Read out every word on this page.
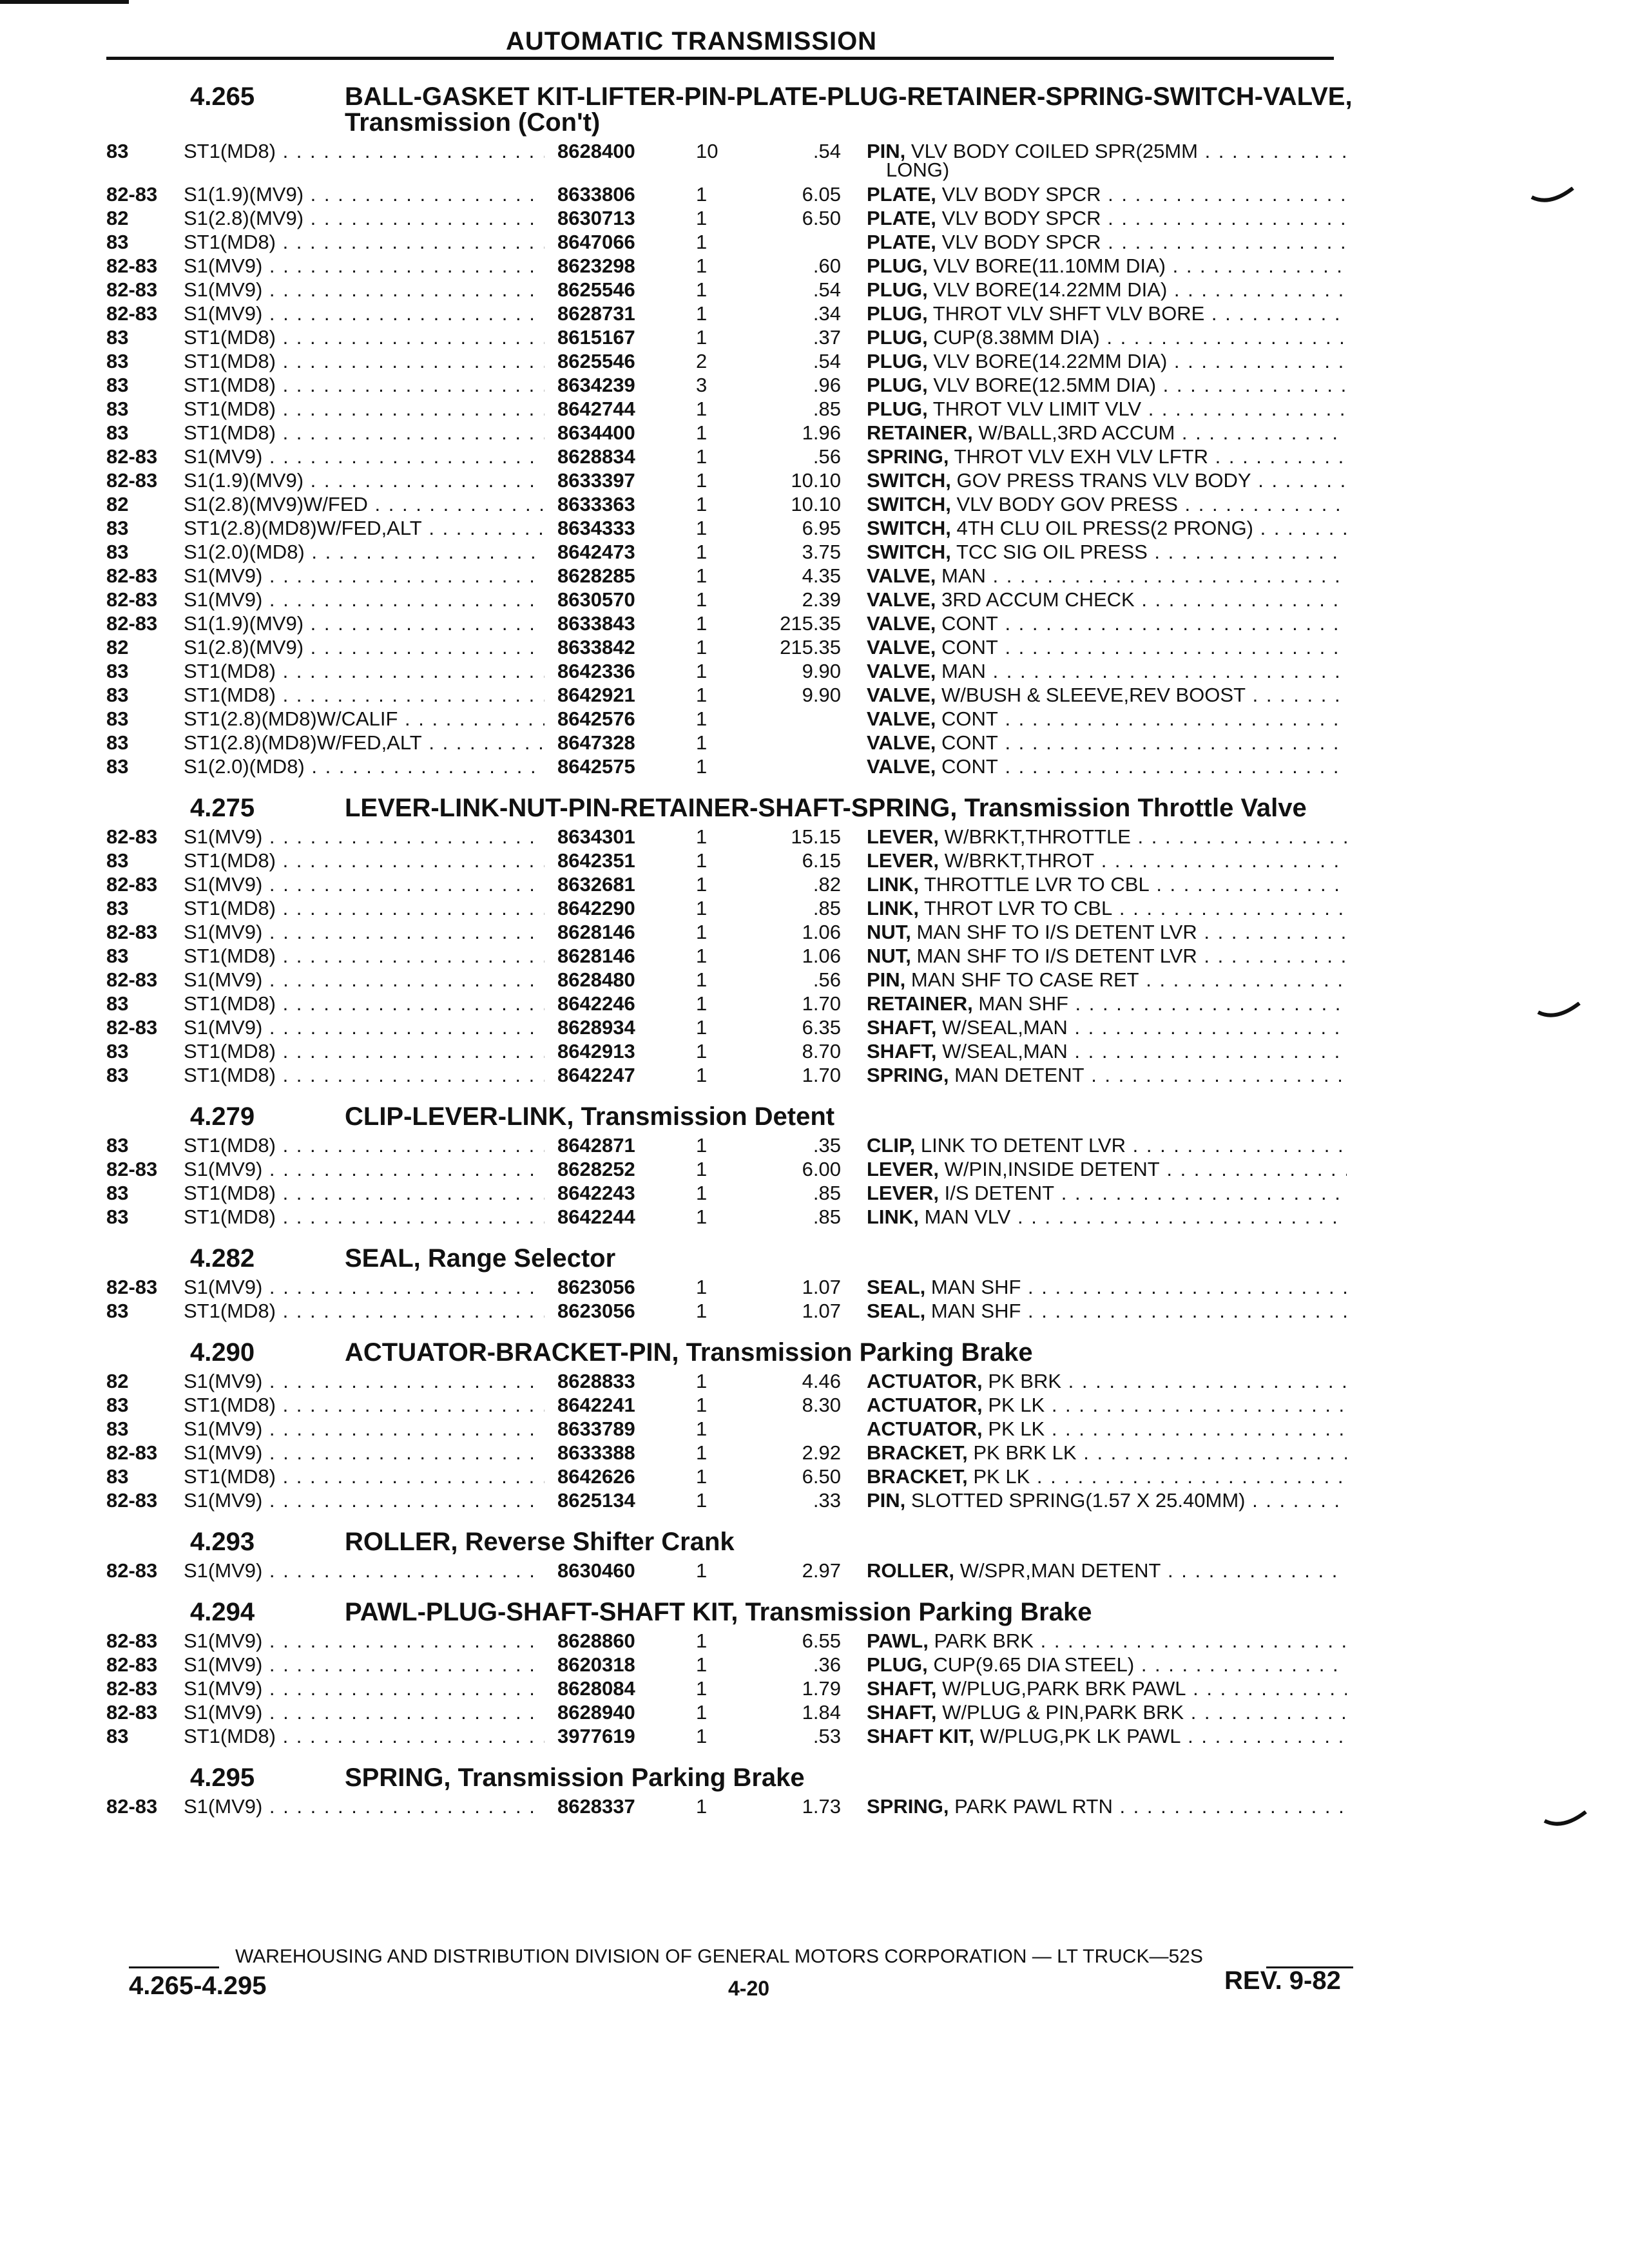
AUTOMATIC TRANSMISSION
4.265	BALL-GASKET KIT-LIFTER-PIN-PLATE-PLUG-RETAINER-SPRING-SWITCH-VALVE, Transmission (Con't)
83	ST1(MD8) . . .	8628400	10	.54 PIN, VLV BODY COILED SPR(25MM . . .
LONG)
82-83 S1(1.9)(MV9) . . .	8633806	1	6.05 PLATE, VLV BODY SPCR . . .
82	S1(2.8)(MV9) . . .	8630713	1	6.50 PLATE, VLV BODY SPCR . . .
83	ST1(MD8) . . .	8647066	1	PLATE, VLV BODY SPCR . . .
82-83 S1(MV9) . . .	8623298	1	.60 PLUG, VLV BORE(11.10MM DIA) . . .
82-83 S1(MV9) . . .	8625546	1	.54 PLUG, VLV BORE(14.22MM DIA) . . .
82-83 S1(MV9) . . .	8628731	1	.34 PLUG, THROT VLV SHFT VLV BORE . . .
83	ST1(MD8) . . .	8615167	1	.37 PLUG, CUP(8.38MM DIA) . . .
83	ST1(MD8) . . .	8625546	2	.54 PLUG, VLV BORE(14.22MM DIA) . . .
83	ST1(MD8) . . .	8634239	3	.96 PLUG, VLV BORE(12.5MM DIA) . . .
83	ST1(MD8) . . .	8642744	1	.85 PLUG, THROT VLV LIMIT VLV . . .
83	ST1(MD8) . . .	8634400	1	1.96 RETAINER, W/BALL,3RD ACCUM . . .
82-83 S1(MV9) . . .	8628834	1	.56 SPRING, THROT VLV EXH VLV LFTR . . .
82-83 S1(1.9)(MV9) . . .	8633397	1	10.10 SWITCH, GOV PRESS TRANS VLV BODY . . .
82	S1(2.8)(MV9)W/FED . . .	8633363	1	10.10 SWITCH, VLV BODY GOV PRESS . . .
83	ST1(2.8)(MD8)W/FED,ALT . . .	8634333	1	6.95 SWITCH, 4TH CLU OIL PRESS(2 PRONG) . . .
83	S1(2.0)(MD8) . . .	8642473	1	3.75 SWITCH, TCC SIG OIL PRESS . . .
82-83 S1(MV9) . . .	8628285	1	4.35 VALVE, MAN . . .
82-83 S1(MV9) . . .	8630570	1	2.39 VALVE, 3RD ACCUM CHECK . . .
82-83 S1(1.9)(MV9) . . .	8633843	1	215.35 VALVE, CONT . . .
82	S1(2.8)(MV9) . . .	8633842	1	215.35 VALVE, CONT . . .
83	ST1(MD8) . . .	8642336	1	9.90 VALVE, MAN . . .
83	ST1(MD8) . . .	8642921	1	9.90 VALVE, W/BUSH & SLEEVE,REV BOOST . . .
83	ST1(2.8)(MD8)W/CALIF . . .	8642576	1	VALVE, CONT . . .
83	ST1(2.8)(MD8)W/FED,ALT . . .	8647328	1	VALVE, CONT . . .
83	S1(2.0)(MD8) . . .	8642575	1	VALVE, CONT . . .
4.275	LEVER-LINK-NUT-PIN-RETAINER-SHAFT-SPRING, Transmission Throttle Valve
82-83 S1(MV9) . . .	8634301	1	15.15 LEVER, W/BRKT,THROTTLE . . .
83	ST1(MD8) . . .	8642351	1	6.15 LEVER, W/BRKT,THROT . . .
82-83 S1(MV9) . . .	8632681	1	.82 LINK, THROTTLE LVR TO CBL . . .
83	ST1(MD8) . . .	8642290	1	.85 LINK, THROT LVR TO CBL . . .
82-83 S1(MV9) . . .	8628146	1	1.06 NUT, MAN SHF TO I/S DETENT LVR . . .
83	ST1(MD8) . . .	8628146	1	1.06 NUT, MAN SHF TO I/S DETENT LVR . . .
82-83 S1(MV9) . . .	8628480	1	.56 PIN, MAN SHF TO CASE RET . . .
83	ST1(MD8) . . .	8642246	1	1.70 RETAINER, MAN SHF . . .
82-83 S1(MV9) . . .	8628934	1	6.35 SHAFT, W/SEAL,MAN . . .
83	ST1(MD8) . . .	8642913	1	8.70 SHAFT, W/SEAL,MAN . . .
83	ST1(MD8) . . .	8642247	1	1.70 SPRING, MAN DETENT . . .
4.279	CLIP-LEVER-LINK, Transmission Detent
83	ST1(MD8) . . .	8642871	1	.35 CLIP, LINK TO DETENT LVR . . .
82-83 S1(MV9) . . .	8628252	1	6.00 LEVER, W/PIN,INSIDE DETENT . . .
83	ST1(MD8) . . .	8642243	1	.85 LEVER, I/S DETENT . . .
83	ST1(MD8) . . .	8642244	1	.85 LINK, MAN VLV . . .
4.282	SEAL, Range Selector
82-83 S1(MV9) . . .	8623056	1	1.07 SEAL, MAN SHF . . .
83	ST1(MD8) . . .	8623056	1	1.07 SEAL, MAN SHF . . .
4.290	ACTUATOR-BRACKET-PIN, Transmission Parking Brake
82	S1(MV9) . . .	8628833	1	4.46 ACTUATOR, PK BRK . . .
83	ST1(MD8) . . .	8642241	1	8.30 ACTUATOR, PK LK . . .
83	S1(MV9) . . .	8633789	1	ACTUATOR, PK LK . . .
82-83 S1(MV9) . . .	8633388	1	2.92 BRACKET, PK BRK LK . . .
83	ST1(MD8) . . .	8642626	1	6.50 BRACKET, PK LK . . .
82-83 S1(MV9) . . .	8625134	1	.33 PIN, SLOTTED SPRING(1.57 X 25.40MM) . . .
4.293	ROLLER, Reverse Shifter Crank
82-83 S1(MV9) . . .	8630460	1	2.97 ROLLER, W/SPR,MAN DETENT . . .
4.294	PAWL-PLUG-SHAFT-SHAFT KIT, Transmission Parking Brake
82-83 S1(MV9) . . .	8628860	1	6.55 PAWL, PARK BRK . . .
82-83 S1(MV9) . . .	8620318	1	.36 PLUG, CUP(9.65 DIA STEEL) . . .
82-83 S1(MV9) . . .	8628084	1	1.79 SHAFT, W/PLUG,PARK BRK PAWL . . .
82-83 S1(MV9) . . .	8628940	1	1.84 SHAFT, W/PLUG & PIN,PARK BRK . . .
83	ST1(MD8) . . .	3977619	1	.53 SHAFT KIT, W/PLUG,PK LK PAWL . . .
4.295	SPRING, Transmission Parking Brake
82-83 S1(MV9) . . .	8628337	1	1.73 SPRING, PARK PAWL RTN . . .
WAREHOUSING AND DISTRIBUTION DIVISION OF GENERAL MOTORS CORPORATION — LT TRUCK—52S
4.265-4.295	4-20	REV. 9-82
